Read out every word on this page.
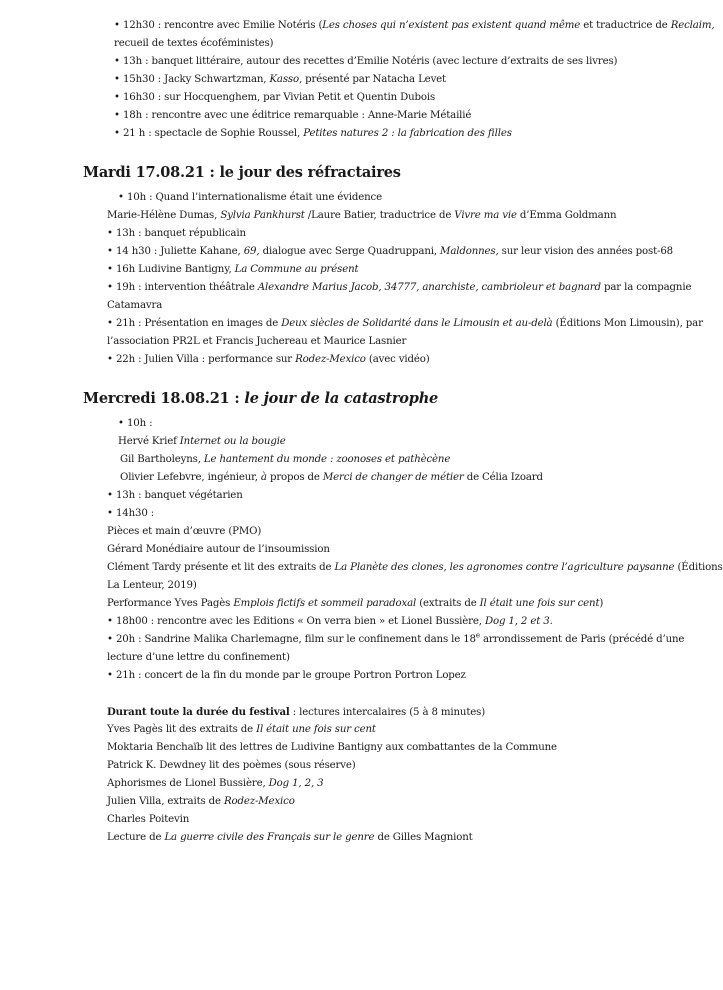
• 12h30 : rencontre avec Emilie Notéris (Les choses qui n’existent pas existent quand même et traductrice de Reclaim,
recueil de textes écoféministes)
• 13h : banquet littéraire, autour des recettes d’Emilie Notéris (avec lecture d’extraits de ses livres)
• 15h30 : Jacky Schwartzman, Kasso, présenté par Natacha Levet
• 16h30 : sur Hocquenghem, par Vivian Petit et Quentin Dubois
• 18h : rencontre avec une éditrice remarquable : Anne-Marie Métailié
• 21 h : spectacle de Sophie Roussel, Petites natures 2 : la fabrication des filles
Mardi 17.08.21 : le jour des réfractaires
• 10h : Quand l’internationalisme était une évidence
Marie-Hélène Dumas, Sylvia Pankhurst /Laure Batier, traductrice de Vivre ma vie d’Emma Goldmann
• 13h : banquet républicain
• 14 h30 : Juliette Kahane, 69, dialogue avec Serge Quadruppani, Maldonnes, sur leur vision des années post-68
• 16h Ludivine Bantigny, La Commune au présent
• 19h : intervention théâtrale Alexandre Marius Jacob, 34777, anarchiste, cambrioleur et bagnard par la compagnie
Catamavra
• 21h : Présentation en images de Deux siècles de Solidarité dans le Limousin et au-delà (Éditions Mon Limousin), par
l’association PR2L et Francis Juchereau et Maurice Lasnier
• 22h : Julien Villa : performance sur Rodez-Mexico (avec vidéo)
Mercredi 18.08.21 : le jour de la catastrophe
• 10h :
Hervé Krief Internet ou la bougie
Gil Bartholeyns, Le hantement du monde : zoonoses et pathècène
Olivier Lefebvre, ingénieur, à propos de Merci de changer de métier de Célia Izoard
• 13h : banquet végétarien
• 14h30 :
Pièces et main d’œuvre (PMO)
Gérard Monédiaire autour de l’insoumission
Clément Tardy présente et lit des extraits de La Planète des clones, les agronomes contre l’agriculture paysanne (Éditions
La Lenteur, 2019)
Performance Yves Pagès Emplois fictifs et sommeil paradoxal (extraits de Il était une fois sur cent)
• 18h00 : rencontre avec les Editions « On verra bien » et Lionel Bussière, Dog 1, 2 et 3.
• 20h : Sandrine Malika Charlemagne, film sur le confinement dans le 18e arrondissement de Paris (précédé d’une
lecture d’une lettre du confinement)
• 21h : concert de la fin du monde par le groupe Portron Portron Lopez
Durant toute la durée du festival : lectures intercalaires (5 à 8 minutes)
Yves Pagès lit des extraits de Il était une fois sur cent
Moktaria Benchaïb lit des lettres de Ludivine Bantigny aux combattantes de la Commune
Patrick K. Dewdney lit des poèmes (sous réserve)
Aphorismes de Lionel Bussière, Dog 1, 2, 3
Julien Villa, extraits de Rodez-Mexico
Charles Poitevin
Lecture de La guerre civile des Français sur le genre de Gilles Magniont
